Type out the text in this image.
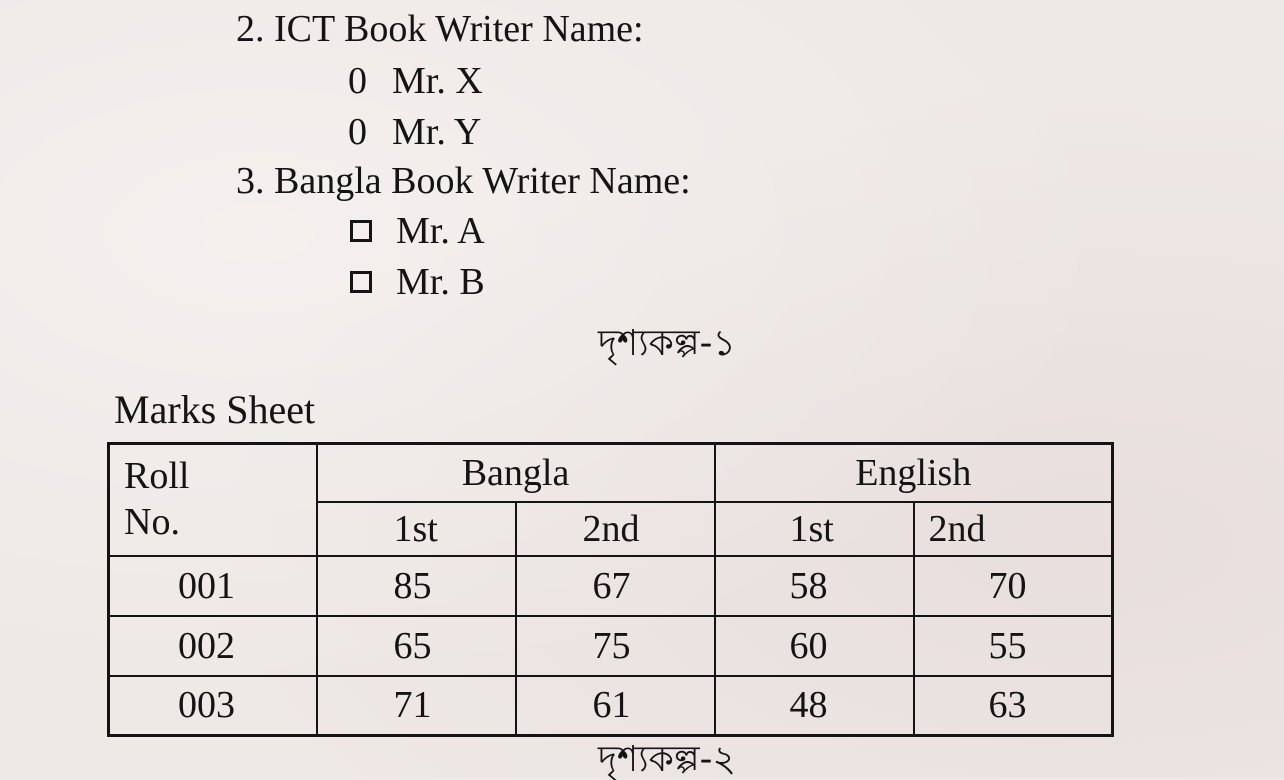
2. ICT Book Writer Name:
0 Mr. X
0 Mr. Y
3. Bangla Book Writer Name:
Mr. A
Mr. B
দৃশ্যকল্প-১
Marks Sheet
Roll
No.	Bangla		English	
	1st	2nd	1st	2nd
001	85	67	58	70
002	65	75	60	55
003	71	61	48	63
দৃশ্যকল্প-২
